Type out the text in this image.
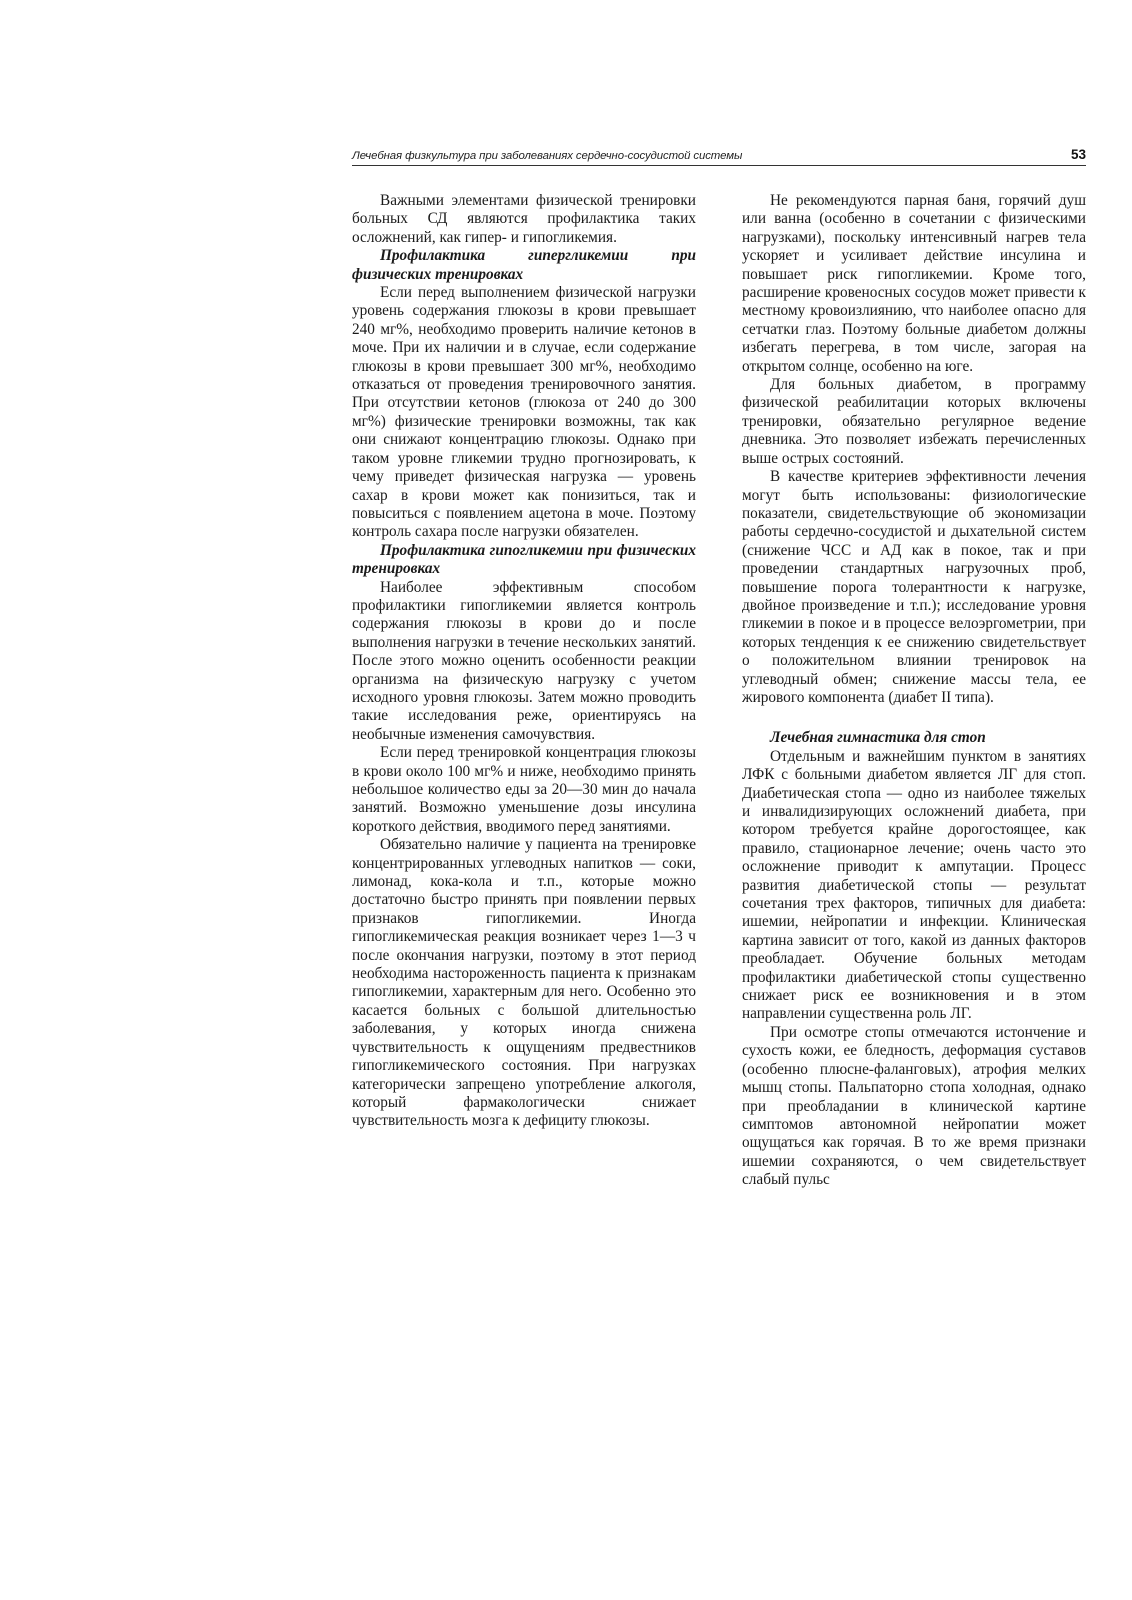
Лечебная физкультура при заболеваниях сердечно-сосудистой системы	53

Важными элементами физической тренировки больных СД являются профилактика таких осложнений, как гипер- и гипогликемия.

Профилактика гипергликемии при физических тренировках

Если перед выполнением физической нагрузки уровень содержания глюкозы в крови превышает 240 мг%, необходимо проверить наличие кетонов в моче. При их наличии и в случае, если содержание глюкозы в крови превышает 300 мг%, необходимо отказаться от проведения тренировочного занятия. При отсутствии кетонов (глюкоза от 240 до 300 мг%) физические тренировки возможны, так как они снижают концентрацию глюкозы. Однако при таком уровне гликемии трудно прогнозировать, к чему приведет физическая нагрузка — уровень сахар в крови может как понизиться, так и повыситься с появлением ацетона в моче. Поэтому контроль сахара после нагрузки обязателен.

Профилактика гипогликемии при физических тренировках

Наиболее эффективным способом профилактики гипогликемии является контроль содержания глюкозы в крови до и после выполнения нагрузки в течение нескольких занятий. После этого можно оценить особенности реакции организма на физическую нагрузку с учетом исходного уровня глюкозы. Затем можно проводить такие исследования реже, ориентируясь на необычные изменения самочувствия.

Если перед тренировкой концентрация глюкозы в крови около 100 мг% и ниже, необходимо принять небольшое количество еды за 20—30 мин до начала занятий. Возможно уменьшение дозы инсулина короткого действия, вводимого перед занятиями.

Обязательно наличие у пациента на тренировке концентрированных углеводных напитков — соки, лимонад, кока-кола и т.п., которые можно достаточно быстро принять при появлении первых признаков гипогликемии. Иногда гипогликемическая реакция возникает через 1—3 ч после окончания нагрузки, поэтому в этот период необходима настороженность пациента к признакам гипогликемии, характерным для него. Особенно это касается больных с большой длительностью заболевания, у которых иногда снижена чувствительность к ощущениям предвестников гипогликемического состояния. При нагрузках категорически запрещено употребление алкоголя, который фармакологически снижает чувствительность мозга к дефициту глюкозы.

Не рекомендуются парная баня, горячий душ или ванна (особенно в сочетании с физическими нагрузками), поскольку интенсивный нагрев тела ускоряет и усиливает действие инсулина и повышает риск гипогликемии. Кроме того, расширение кровеносных сосудов может привести к местному кровоизлиянию, что наиболее опасно для сетчатки глаз. Поэтому больные диабетом должны избегать перегрева, в том числе, загорая на открытом солнце, особенно на юге.

Для больных диабетом, в программу физической реабилитации которых включены тренировки, обязательно регулярное ведение дневника. Это позволяет избежать перечисленных выше острых состояний.

В качестве критериев эффективности лечения могут быть использованы: физиологические показатели, свидетельствующие об экономизации работы сердечно-сосудистой и дыхательной систем (снижение ЧСС и АД как в покое, так и при проведении стандартных нагрузочных проб, повышение порога толерантности к нагрузке, двойное произведение и т.п.); исследование уровня гликемии в покое и в процессе велоэргометрии, при которых тенденция к ее снижению свидетельствует о положительном влиянии тренировок на углеводный обмен; снижение массы тела, ее жирового компонента (диабет II типа).

Лечебная гимнастика для стоп

Отдельным и важнейшим пунктом в занятиях ЛФК с больными диабетом является ЛГ для стоп. Диабетическая стопа — одно из наиболее тяжелых и инвалидизирующих осложнений диабета, при котором требуется крайне дорогостоящее, как правило, стационарное лечение; очень часто это осложнение приводит к ампутации. Процесс развития диабетической стопы — результат сочетания трех факторов, типичных для диабета: ишемии, нейропатии и инфекции. Клиническая картина зависит от того, какой из данных факторов преобладает. Обучение больных методам профилактики диабетической стопы существенно снижает риск ее возникновения и в этом направлении существенна роль ЛГ.

При осмотре стопы отмечаются истончение и сухость кожи, ее бледность, деформация суставов (особенно плюсне-фаланговых), атрофия мелких мышц стопы. Пальпаторно стопа холодная, однако при преобладании в клинической картине симптомов автономной нейропатии может ощущаться как горячая. В то же время признаки ишемии сохраняются, о чем свидетельствует слабый пульс
